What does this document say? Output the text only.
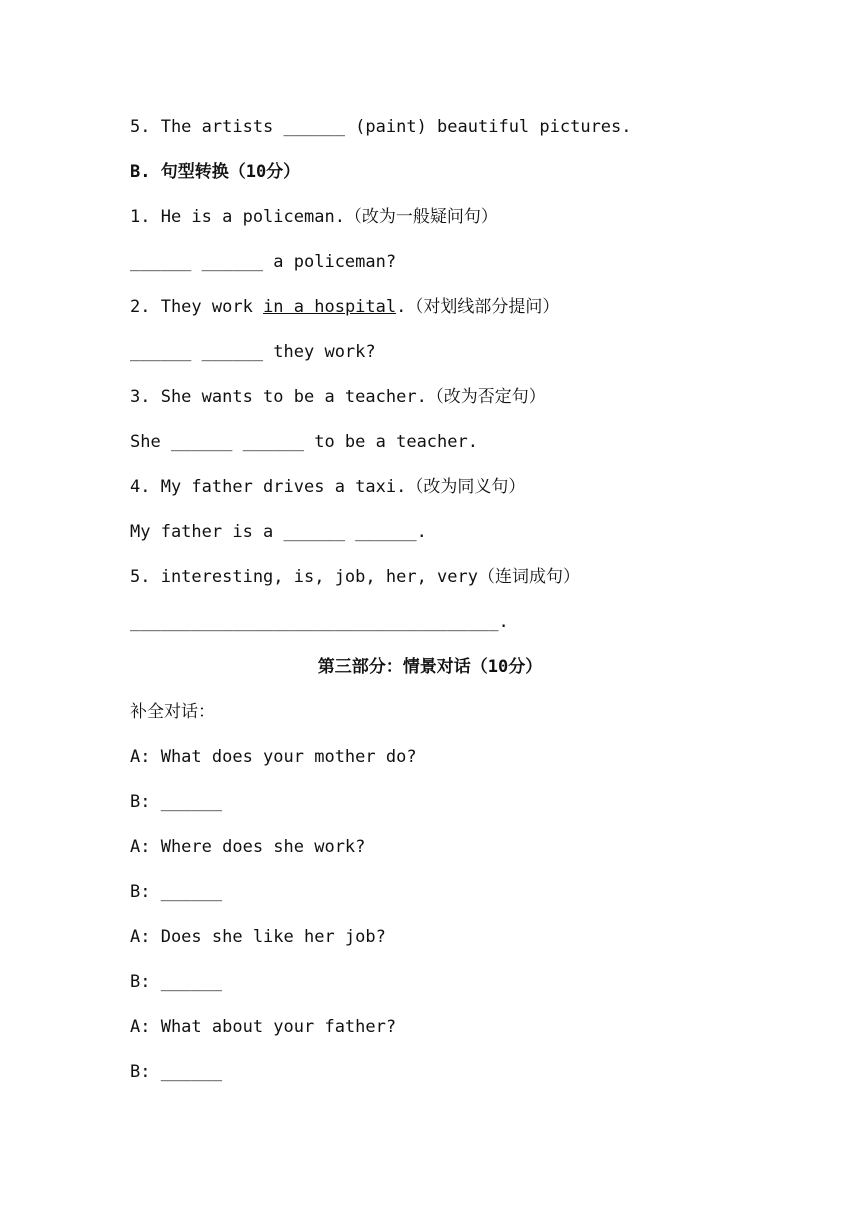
5. The artists ______ (paint) beautiful pictures.
B. 句型转换（10分）
1. He is a policeman.（改为一般疑问句）
______ ______ a policeman?
2. They work in a hospital.（对划线部分提问）
______ ______ they work?
3. She wants to be a teacher.（改为否定句）
She ______ ______ to be a teacher.
4. My father drives a taxi.（改为同义句）
My father is a ______ ______.
5. interesting, is, job, her, very（连词成句）
____________________________________.
第三部分：情景对话（10分）
补全对话：
A: What does your mother do?
B: ______
A: Where does she work?
B: ______
A: Does she like her job?
B: ______
A: What about your father?
B: ______
